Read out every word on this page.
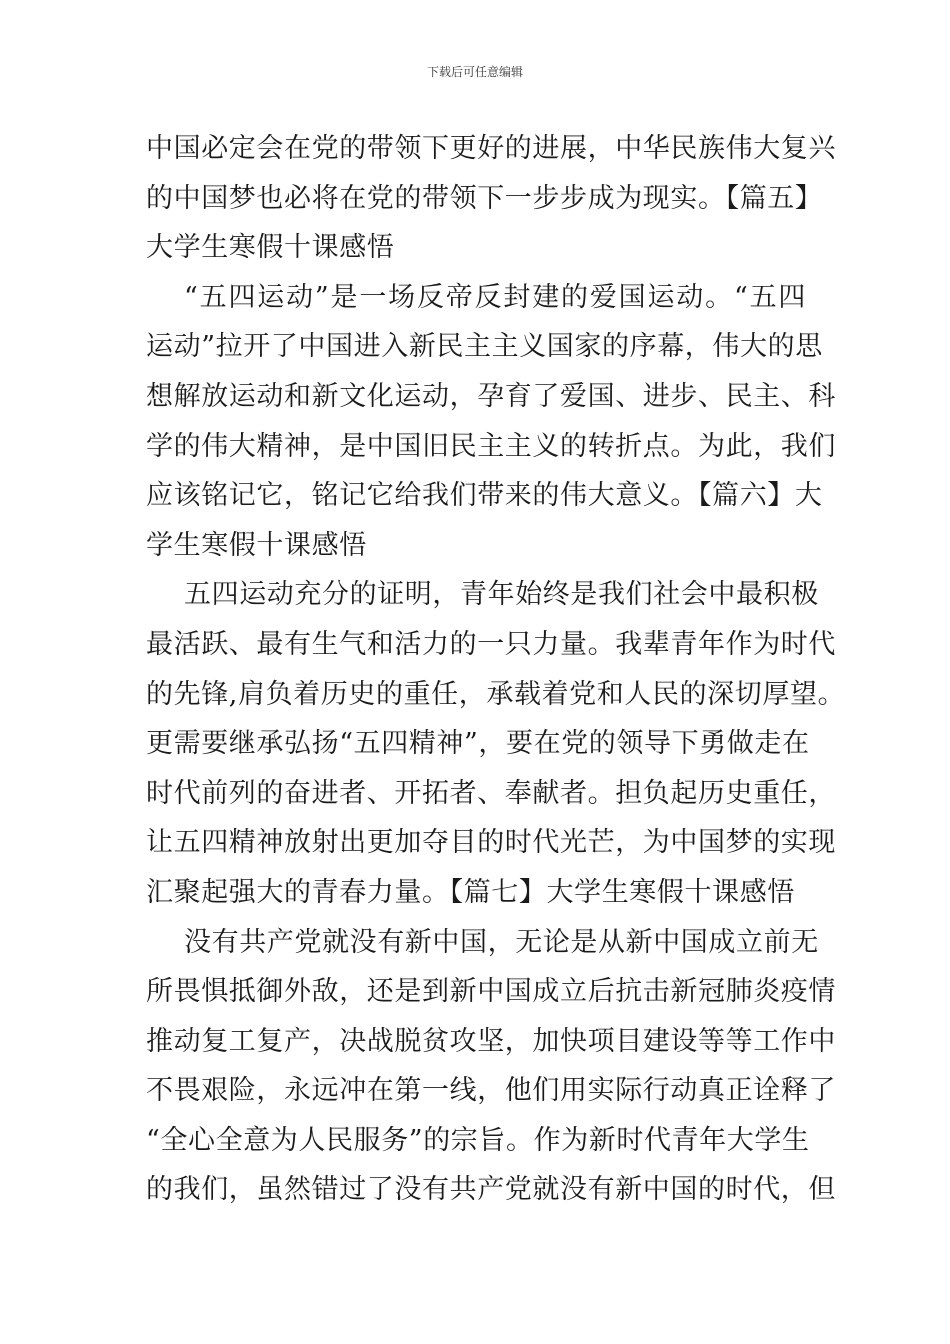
下载后可任意编辑
中国必定会在党的带领下更好的进展，中华民族伟大复兴
的中国梦也必将在党的带领下一步步成为现实。【篇五】
大学生寒假十课感悟
“五四运动”是一场反帝反封建的爱国运动。“五四
运动”拉开了中国进入新民主主义国家的序幕，伟大的思
想解放运动和新文化运动，孕育了爱国、进步、民主、科
学的伟大精神，是中国旧民主主义的转折点。为此，我们
应该铭记它，铭记它给我们带来的伟大意义。【篇六】大
学生寒假十课感悟
五四运动充分的证明，青年始终是我们社会中最积极
最活跃、最有生气和活力的一只力量。我辈青年作为时代
的先锋,肩负着历史的重任，承载着党和人民的深切厚望。
更需要继承弘扬“五四精神”，要在党的领导下勇做走在
时代前列的奋进者、开拓者、奉献者。担负起历史重任，
让五四精神放射出更加夺目的时代光芒，为中国梦的实现
汇聚起强大的青春力量。【篇七】大学生寒假十课感悟
没有共产党就没有新中国，无论是从新中国成立前无
所畏惧抵御外敌，还是到新中国成立后抗击新冠肺炎疫情
推动复工复产，决战脱贫攻坚，加快项目建设等等工作中
不畏艰险，永远冲在第一线，他们用实际行动真正诠释了
“全心全意为人民服务”的宗旨。作为新时代青年大学生
的我们，虽然错过了没有共产党就没有新中国的时代，但
